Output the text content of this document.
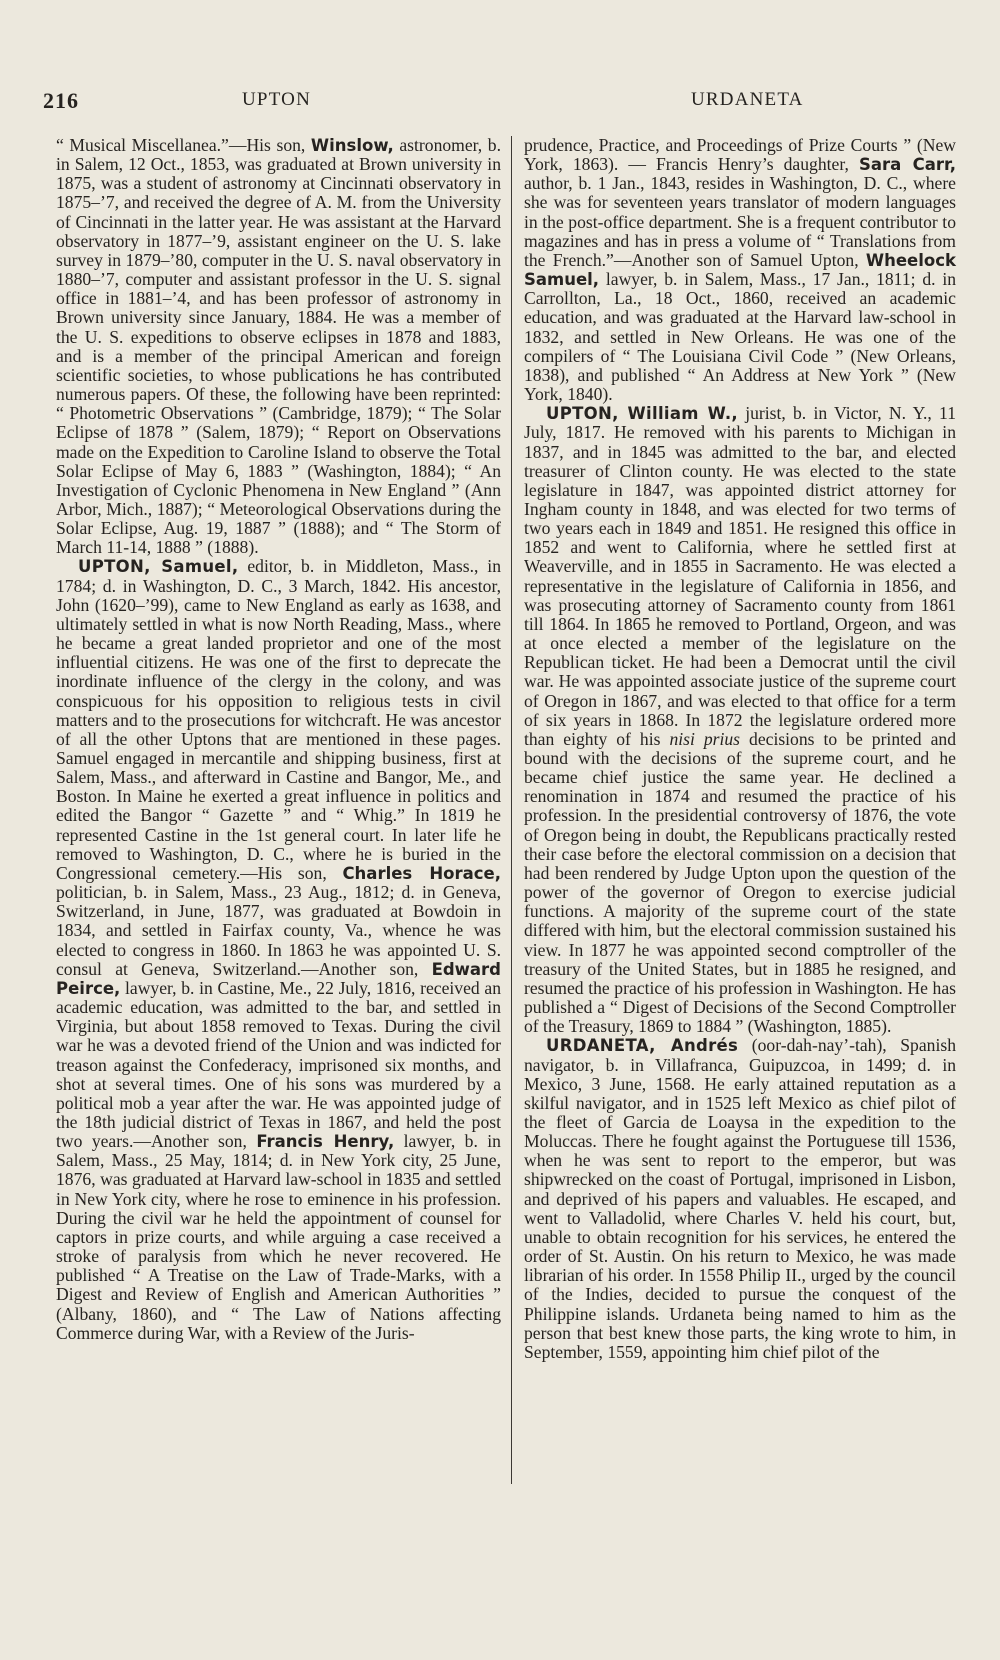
216	UPTON	URDANETA

“ Musical Miscellanea.”—His son, Winslow, astronomer, b. in Salem, 12 Oct., 1853, was graduated at Brown university in 1875, was a student of astronomy at Cincinnati observatory in 1875–’7, and received the degree of A. M. from the University of Cincinnati in the latter year. He was assistant at the Harvard observatory in 1877–’9, assistant engineer on the U. S. lake survey in 1879–’80, computer in the U. S. naval observatory in 1880–’7, computer and assistant professor in the U. S. signal office in 1881–’4, and has been professor of astronomy in Brown university since January, 1884. He was a member of the U. S. expeditions to observe eclipses in 1878 and 1883, and is a member of the principal American and foreign scientific societies, to whose publications he has contributed numerous papers. Of these, the following have been reprinted: “ Photometric Observations ” (Cambridge, 1879); “ The Solar Eclipse of 1878 ” (Salem, 1879); “ Report on Observations made on the Expedition to Caroline Island to observe the Total Solar Eclipse of May 6, 1883 ” (Washington, 1884); “ An Investigation of Cyclonic Phenomena in New England ” (Ann Arbor, Mich., 1887); “ Meteorological Observations during the Solar Eclipse, Aug. 19, 1887 ” (1888); and “ The Storm of March 11-14, 1888 ” (1888).

UPTON, Samuel, editor, b. in Middleton, Mass., in 1784; d. in Washington, D. C., 3 March, 1842. His ancestor, John (1620–’99), came to New England as early as 1638, and ultimately settled in what is now North Reading, Mass., where he became a great landed proprietor and one of the most influential citizens. He was one of the first to deprecate the inordinate influence of the clergy in the colony, and was conspicuous for his opposition to religious tests in civil matters and to the prosecutions for witchcraft. He was ancestor of all the other Uptons that are mentioned in these pages. Samuel engaged in mercantile and shipping business, first at Salem, Mass., and afterward in Castine and Bangor, Me., and Boston. In Maine he exerted a great influence in politics and edited the Bangor “ Gazette ” and “ Whig.” In 1819 he represented Castine in the 1st general court. In later life he removed to Washington, D. C., where he is buried in the Congressional cemetery.—His son, Charles Horace, politician, b. in Salem, Mass., 23 Aug., 1812; d. in Geneva, Switzerland, in June, 1877, was graduated at Bowdoin in 1834, and settled in Fairfax county, Va., whence he was elected to congress in 1860. In 1863 he was appointed U. S. consul at Geneva, Switzerland.—Another son, Edward Peirce, lawyer, b. in Castine, Me., 22 July, 1816, received an academic education, was admitted to the bar, and settled in Virginia, but about 1858 removed to Texas. During the civil war he was a devoted friend of the Union and was indicted for treason against the Confederacy, imprisoned six months, and shot at several times. One of his sons was murdered by a political mob a year after the war. He was appointed judge of the 18th judicial district of Texas in 1867, and held the post two years.—Another son, Francis Henry, lawyer, b. in Salem, Mass., 25 May, 1814; d. in New York city, 25 June, 1876, was graduated at Harvard law-school in 1835 and settled in New York city, where he rose to eminence in his profession. During the civil war he held the appointment of counsel for captors in prize courts, and while arguing a case received a stroke of paralysis from which he never recovered. He published “ A Treatise on the Law of Trade-Marks, with a Digest and Review of English and American Authorities ” (Albany, 1860), and “ The Law of Nations affecting Commerce during War, with a Review of the Juris-

prudence, Practice, and Proceedings of Prize Courts ” (New York, 1863). — Francis Henry’s daughter, Sara Carr, author, b. 1 Jan., 1843, resides in Washington, D. C., where she was for seventeen years translator of modern languages in the post-office department. She is a frequent contributor to magazines and has in press a volume of “ Translations from the French.”—Another son of Samuel Upton, Wheelock Samuel, lawyer, b. in Salem, Mass., 17 Jan., 1811; d. in Carrollton, La., 18 Oct., 1860, received an academic education, and was graduated at the Harvard law-school in 1832, and settled in New Orleans. He was one of the compilers of “ The Louisiana Civil Code ” (New Orleans, 1838), and published “ An Address at New York ” (New York, 1840).

UPTON, William W., jurist, b. in Victor, N. Y., 11 July, 1817. He removed with his parents to Michigan in 1837, and in 1845 was admitted to the bar, and elected treasurer of Clinton county. He was elected to the state legislature in 1847, was appointed district attorney for Ingham county in 1848, and was elected for two terms of two years each in 1849 and 1851. He resigned this office in 1852 and went to California, where he settled first at Weaverville, and in 1855 in Sacramento. He was elected a representative in the legislature of California in 1856, and was prosecuting attorney of Sacramento county from 1861 till 1864. In 1865 he removed to Portland, Orgeon, and was at once elected a member of the legislature on the Republican ticket. He had been a Democrat until the civil war. He was appointed associate justice of the supreme court of Oregon in 1867, and was elected to that office for a term of six years in 1868. In 1872 the legislature ordered more than eighty of his nisi prius decisions to be printed and bound with the decisions of the supreme court, and he became chief justice the same year. He declined a renomination in 1874 and resumed the practice of his profession. In the presidential controversy of 1876, the vote of Oregon being in doubt, the Republicans practically rested their case before the electoral commission on a decision that had been rendered by Judge Upton upon the question of the power of the governor of Oregon to exercise judicial functions. A majority of the supreme court of the state differed with him, but the electoral commission sustained his view. In 1877 he was appointed second comptroller of the treasury of the United States, but in 1885 he resigned, and resumed the practice of his profession in Washington. He has published a “ Digest of Decisions of the Second Comptroller of the Treasury, 1869 to 1884 ” (Washington, 1885).

URDANETA, Andrés (oor-dah-nay’-tah), Spanish navigator, b. in Villafranca, Guipuzcoa, in 1499; d. in Mexico, 3 June, 1568. He early attained reputation as a skilful navigator, and in 1525 left Mexico as chief pilot of the fleet of Garcia de Loaysa in the expedition to the Moluccas. There he fought against the Portuguese till 1536, when he was sent to report to the emperor, but was shipwrecked on the coast of Portugal, imprisoned in Lisbon, and deprived of his papers and valuables. He escaped, and went to Valladolid, where Charles V. held his court, but, unable to obtain recognition for his services, he entered the order of St. Austin. On his return to Mexico, he was made librarian of his order. In 1558 Philip II., urged by the council of the Indies, decided to pursue the conquest of the Philippine islands. Urdaneta being named to him as the person that best knew those parts, the king wrote to him, in September, 1559, appointing him chief pilot of the
